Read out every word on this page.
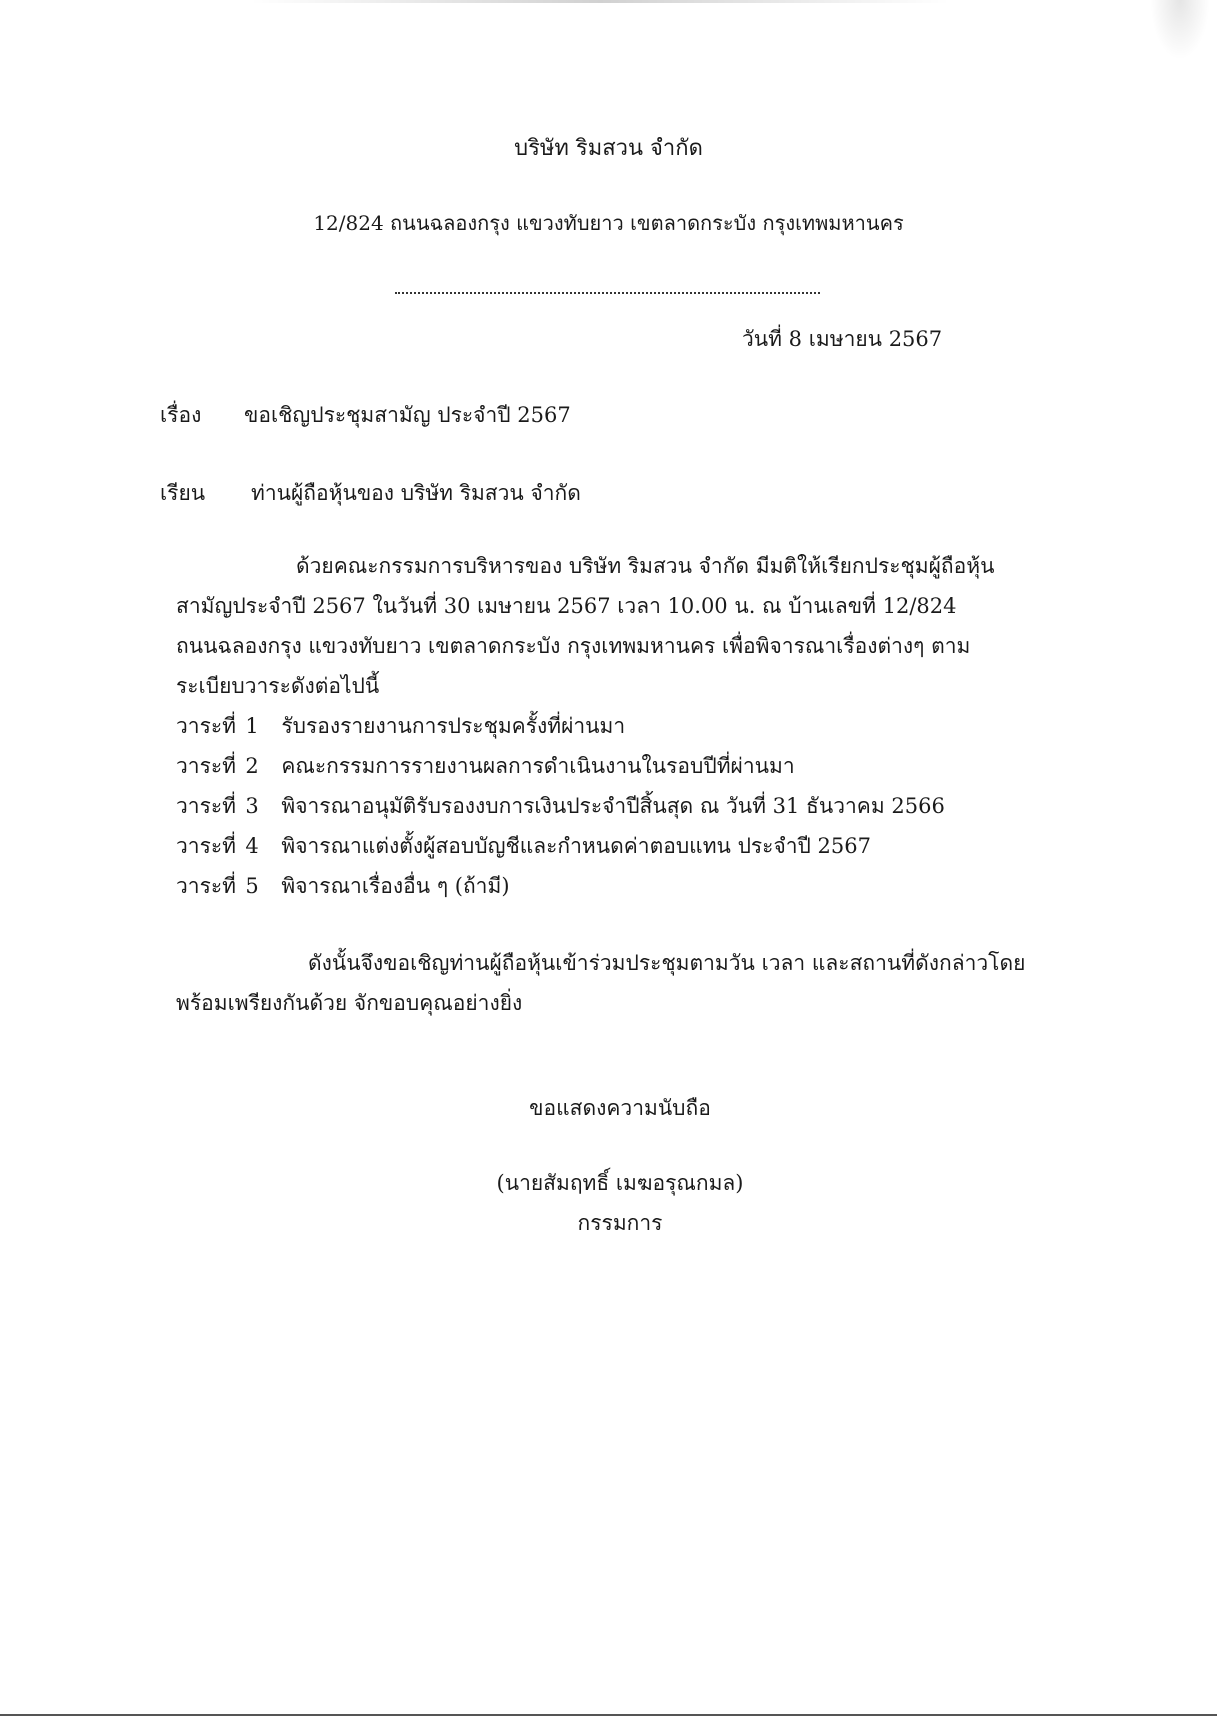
บริษัท ริมสวน จำกัด
12/824 ถนนฉลองกรุง แขวงทับยาว เขตลาดกระบัง กรุงเทพมหานคร
วันที่ 8 เมษายน 2567
เรื่อง ขอเชิญประชุมสามัญ ประจำปี 2567
เรียน ท่านผู้ถือหุ้นของ บริษัท ริมสวน จำกัด
ด้วยคณะกรรมการบริหารของ บริษัท ริมสวน จำกัด มีมติให้เรียกประชุมผู้ถือหุ้น
สามัญประจำปี 2567 ในวันที่ 30 เมษายน 2567 เวลา 10.00 น. ณ บ้านเลขที่ 12/824
ถนนฉลองกรุง แขวงทับยาว เขตลาดกระบัง กรุงเทพมหานคร เพื่อพิจารณาเรื่องต่างๆ ตาม
ระเบียบวาระดังต่อไปนี้
วาระที่ 1 รับรองรายงานการประชุมครั้งที่ผ่านมา
วาระที่ 2 คณะกรรมการรายงานผลการดำเนินงานในรอบปีที่ผ่านมา
วาระที่ 3 พิจารณาอนุมัติรับรองงบการเงินประจำปีสิ้นสุด ณ วันที่ 31 ธันวาคม 2566
วาระที่ 4 พิจารณาแต่งตั้งผู้สอบบัญชีและกำหนดค่าตอบแทน ประจำปี 2567
วาระที่ 5 พิจารณาเรื่องอื่น ๆ (ถ้ามี)
ดังนั้นจึงขอเชิญท่านผู้ถือหุ้นเข้าร่วมประชุมตามวัน เวลา และสถานที่ดังกล่าวโดย
พร้อมเพรียงกันด้วย จักขอบคุณอย่างยิ่ง
ขอแสดงความนับถือ
(นายสัมฤทธิ์ เมฆอรุณกมล)
กรรมการ
